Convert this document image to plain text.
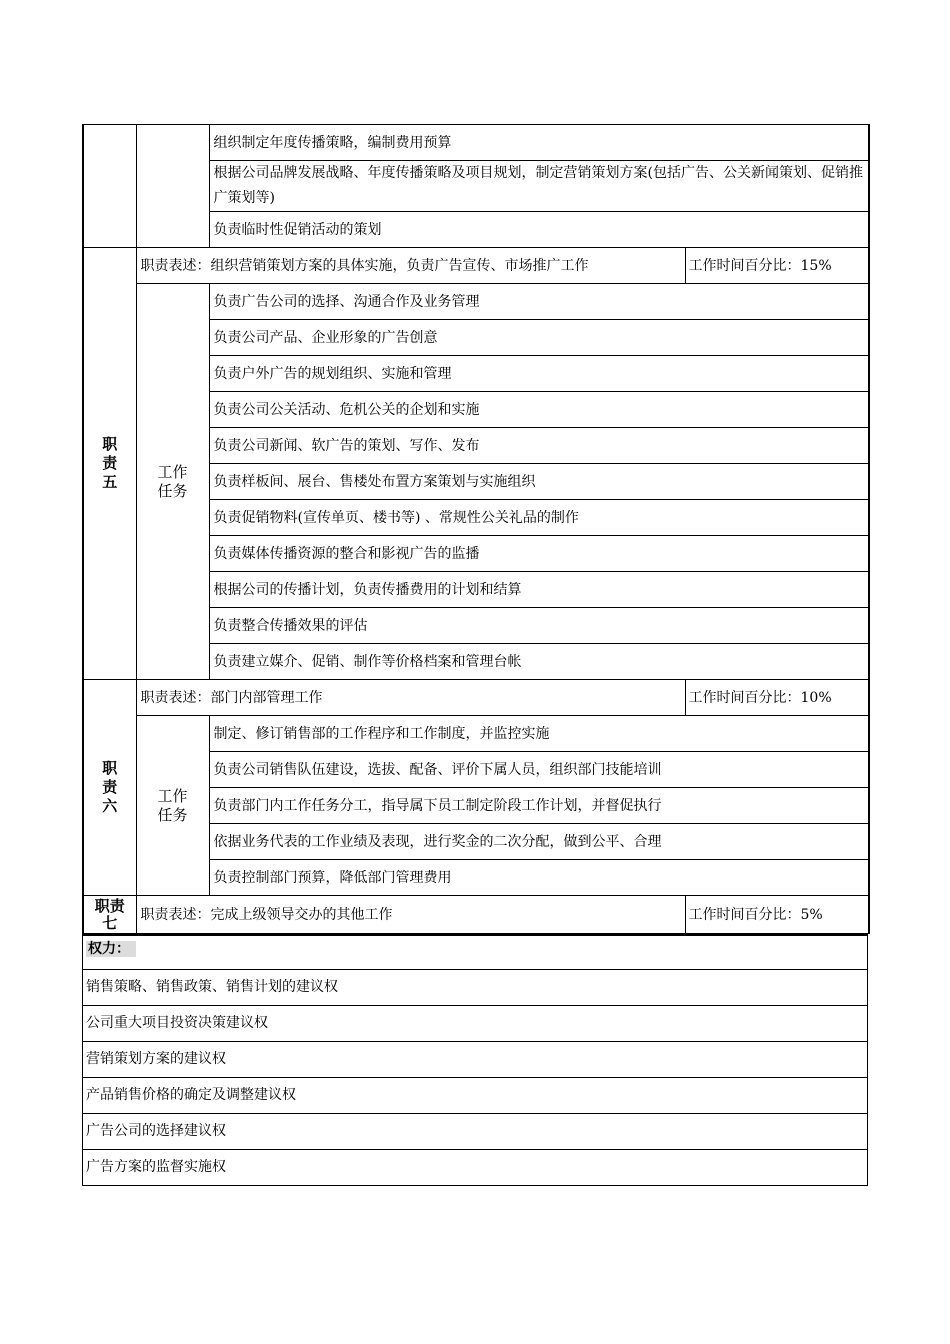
		组织制定年度传播策略，编制费用预算	
		根据公司品牌发展战略、年度传播策略及项目规划，制定营销策划方案(包括广告、公关新闻策划、促销推广策划等)	

		负责临时性促销活动的策划	
职
责
五	职责表述：组织营销策划方案的具体实施，负责广告宣传、市场推广工作		工作时间百分比：15%
	工作
任务	负责广告公司的选择、沟通合作及业务管理	
		负责公司产品、企业形象的广告创意	
		负责户外广告的规划组织、实施和管理	
		负责公司公关活动、危机公关的企划和实施	
		负责公司新闻、软广告的策划、写作、发布	
		负责样板间、展台、售楼处布置方案策划与实施组织	
		负责促销物料(宣传单页、楼书等) 、常规性公关礼品的制作	
		负责媒体传播资源的整合和影视广告的监播	
		根据公司的传播计划，负责传播费用的计划和结算	
		负责整合传播效果的评估	
		负责建立媒介、促销、制作等价格档案和管理台帐	
职
责
六	职责表述：部门内部管理工作		工作时间百分比：10%
	工作
任务	制定、修订销售部的工作程序和工作制度，并监控实施	
		负责公司销售队伍建设，选拔、配备、评价下属人员，组织部门技能培训	
		负责部门内工作任务分工，指导属下员工制定阶段工作计划，并督促执行	
		依据业务代表的工作业绩及表现，进行奖金的二次分配，做到公平、合理	
		负责控制部门预算，降低部门管理费用	
职责
七	职责表述：完成上级领导交办的其他工作		工作时间百分比：5%
权力：
销售策略、销售政策、销售计划的建议权
公司重大项目投资决策建议权
营销策划方案的建议权
产品销售价格的确定及调整建议权
广告公司的选择建议权
广告方案的监督实施权
